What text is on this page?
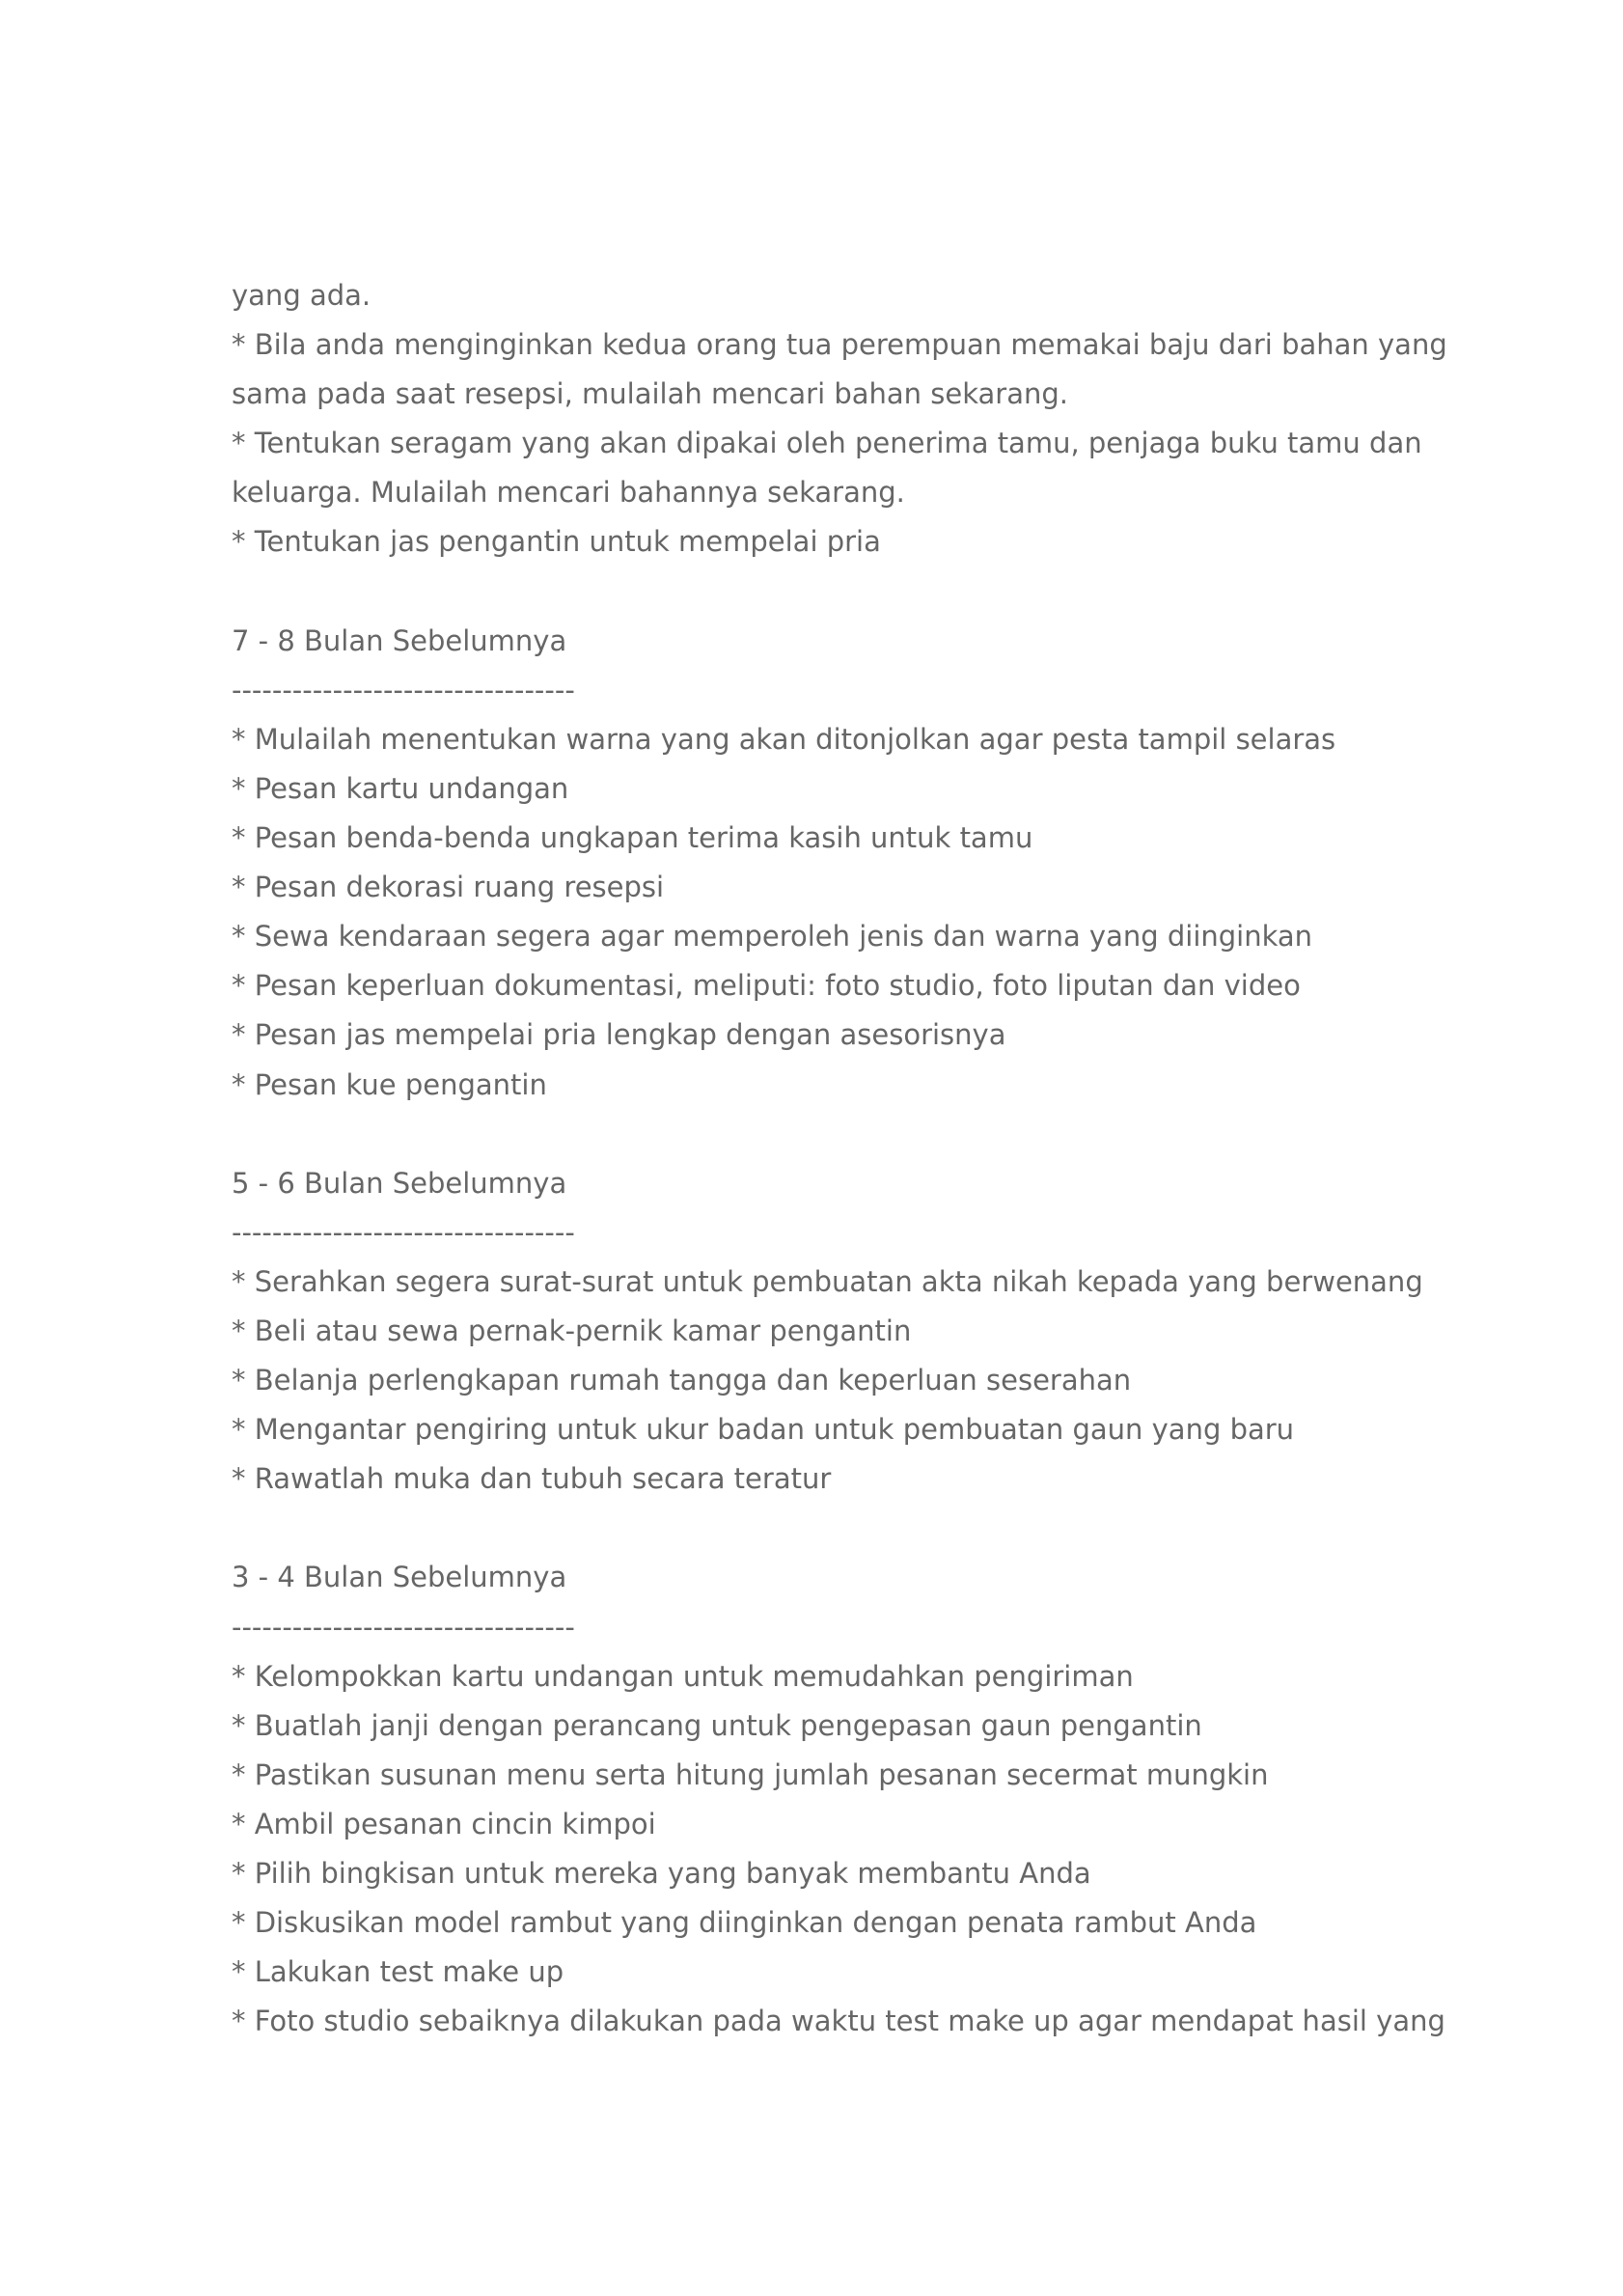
yang ada.
* Bila anda menginginkan kedua orang tua perempuan memakai baju dari bahan yang
sama pada saat resepsi, mulailah mencari bahan sekarang.
* Tentukan seragam yang akan dipakai oleh penerima tamu, penjaga buku tamu dan
keluarga. Mulailah mencari bahannya sekarang.
* Tentukan jas pengantin untuk mempelai pria
7 - 8 Bulan Sebelumnya
----------------------------------
* Mulailah menentukan warna yang akan ditonjolkan agar pesta tampil selaras
* Pesan kartu undangan
* Pesan benda-benda ungkapan terima kasih untuk tamu
* Pesan dekorasi ruang resepsi
* Sewa kendaraan segera agar memperoleh jenis dan warna yang diinginkan
* Pesan keperluan dokumentasi, meliputi: foto studio, foto liputan dan video
* Pesan jas mempelai pria lengkap dengan asesorisnya
* Pesan kue pengantin
5 - 6 Bulan Sebelumnya
----------------------------------
* Serahkan segera surat-surat untuk pembuatan akta nikah kepada yang berwenang
* Beli atau sewa pernak-pernik kamar pengantin
* Belanja perlengkapan rumah tangga dan keperluan seserahan
* Mengantar pengiring untuk ukur badan untuk pembuatan gaun yang baru
* Rawatlah muka dan tubuh secara teratur
3 - 4 Bulan Sebelumnya
----------------------------------
* Kelompokkan kartu undangan untuk memudahkan pengiriman
* Buatlah janji dengan perancang untuk pengepasan gaun pengantin
* Pastikan susunan menu serta hitung jumlah pesanan secermat mungkin
* Ambil pesanan cincin kimpoi
* Pilih bingkisan untuk mereka yang banyak membantu Anda
* Diskusikan model rambut yang diinginkan dengan penata rambut Anda
* Lakukan test make up
* Foto studio sebaiknya dilakukan pada waktu test make up agar mendapat hasil yang
